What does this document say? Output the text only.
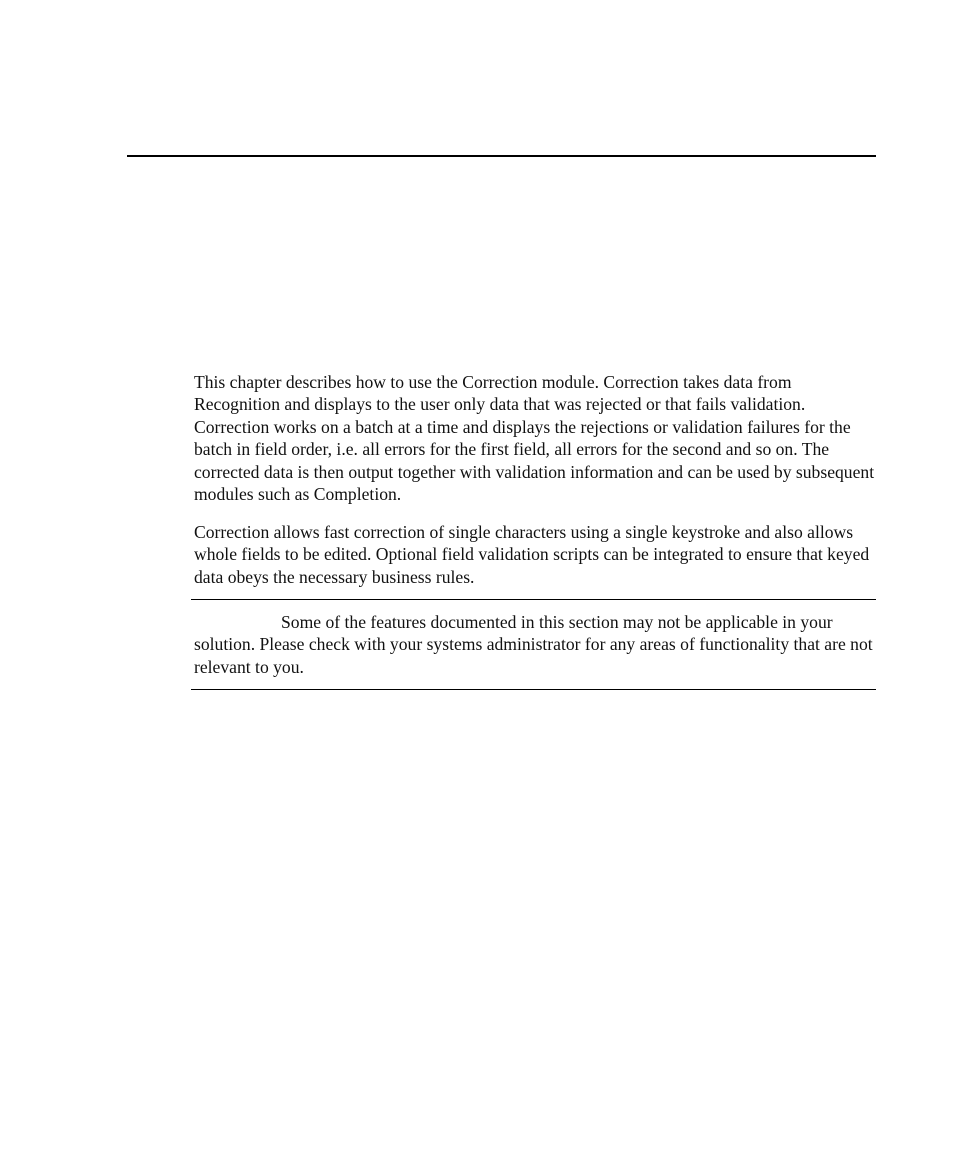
This chapter describes how to use the Correction module. Correction takes data from Recognition and displays to the user only data that was rejected or that fails validation. Correction works on a batch at a time and displays the rejections or validation failures for the batch in field order, i.e. all errors for the first field, all errors for the second and so on. The corrected data is then output together with validation information and can be used by subsequent modules such as Completion.

Correction allows fast correction of single characters using a single keystroke and also allows whole fields to be edited. Optional field validation scripts can be integrated to ensure that keyed data obeys the necessary business rules.

Some of the features documented in this section may not be applicable in your solution. Please check with your systems administrator for any areas of functionality that are not relevant to you.
